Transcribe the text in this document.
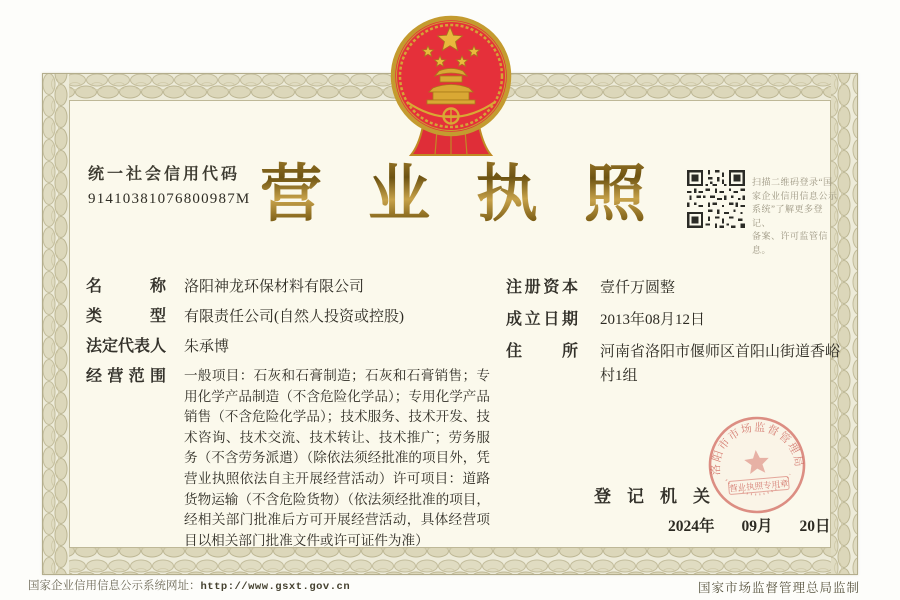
统一社会信用代码
91410381076800987M 营 业 执 照	扫描二维码登录“国
家企业信用信息公示
系统”了解更多登记、
备案、许可监管信息。
名	称 洛阳神龙环保材料有限公司
类	型 有限责任公司(自然人投资或控股)
法 定 代 表 人 朱承博
经 营 范 围 一般项目：石灰和石膏制造；石灰和石膏销售；专用化学产品制造（不含危险化学品）；专用化学产品销售（不含危险化学品）；技术服务、技术开发、技术咨询、技术交流、技术转让、技术推广；劳务服务（不含劳务派遣）（除依法须经批准的项目外，凭营业执照依法自主开展经营活动）许可项目：道路货物运输（不含危险货物）（依法须经批准的项目，经相关部门批准后方可开展经营活动，具体经营项目以相关部门批准文件或许可证件为准）
注 册 资 本 壹仟万圆整
成 立 日 期 2013年08月12日
住 所 河南省洛阳市偃师区首阳山街道香峪村1组
登 记 机 关
2024年 09月 20日
洛阳市市场监督管理局
营业执照专用章
国家企业信用信息公示系统网址：http://www.gsxt.gov.cn	国家市场监督管理总局监制
